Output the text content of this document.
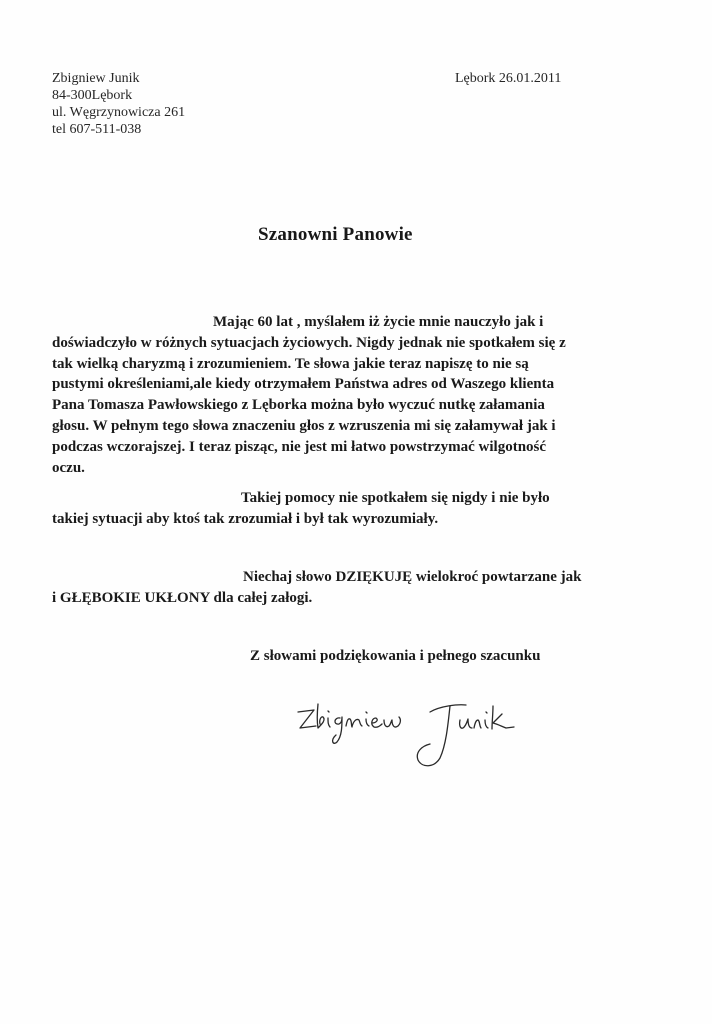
Zbigniew Junik
84-300Lębork
ul. Węgrzynowicza 261
tel 607-511-038
Lębork 26.01.2011
Szanowni Panowie
Mając 60 lat , myślałem iż życie mnie nauczyło jak i
doświadczyło w różnych sytuacjach życiowych. Nigdy jednak nie spotkałem się z
tak wielką charyzmą i zrozumieniem. Te słowa jakie teraz napiszę to nie są
pustymi określeniami,ale kiedy otrzymałem Państwa adres od Waszego klienta
Pana Tomasza Pawłowskiego z Lęborka można było wyczuć nutkę załamania
głosu. W pełnym tego słowa znaczeniu głos z wzruszenia mi się załamywał jak i
podczas wczorajszej. I teraz pisząc, nie jest mi łatwo powstrzymać wilgotność
oczu.
Takiej pomocy nie spotkałem się nigdy i nie było
takiej sytuacji aby ktoś tak zrozumiał i był tak wyrozumiały.
Niechaj słowo DZIĘKUJĘ wielokroć powtarzane jak
i GŁĘBOKIE UKŁONY dla całej załogi.
Z słowami podziękowania i pełnego szacunku
